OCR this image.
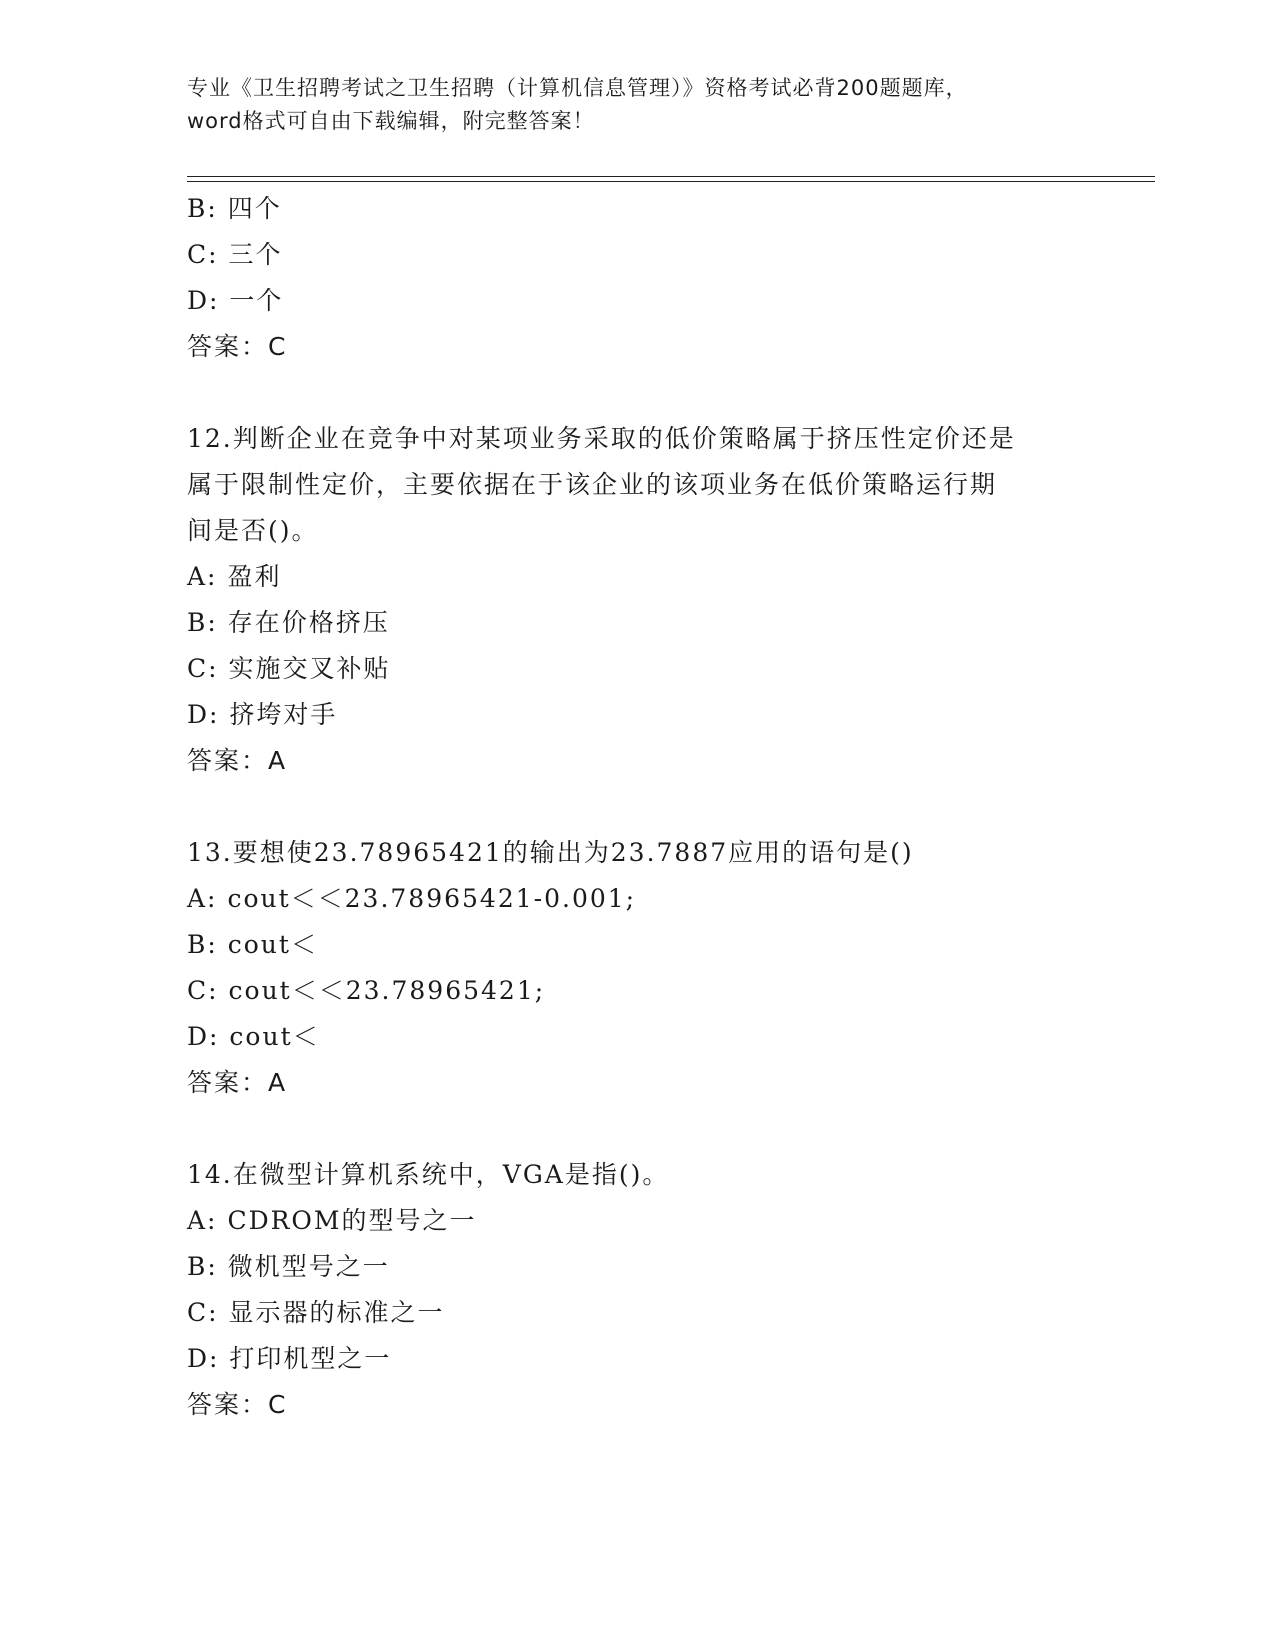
专业《卫生招聘考试之卫生招聘（计算机信息管理）》资格考试必背200题题库，
word格式可自由下载编辑，附完整答案！
B: 四个
C: 三个
D: 一个
答案：C
12.判断企业在竞争中对某项业务采取的低价策略属于挤压性定价还是
属于限制性定价，主要依据在于该企业的该项业务在低价策略运行期
间是否()。
A: 盈利
B: 存在价格挤压
C: 实施交叉补贴
D: 挤垮对手
答案：A
13.要想使23.78965421的输出为23.7887应用的语句是()
A: cout＜＜23.78965421-0.001;
B: cout＜
C: cout＜＜23.78965421;
D: cout＜
答案：A
14.在微型计算机系统中，VGA是指()。
A: CDROM的型号之一
B: 微机型号之一
C: 显示器的标准之一
D: 打印机型之一
答案：C
